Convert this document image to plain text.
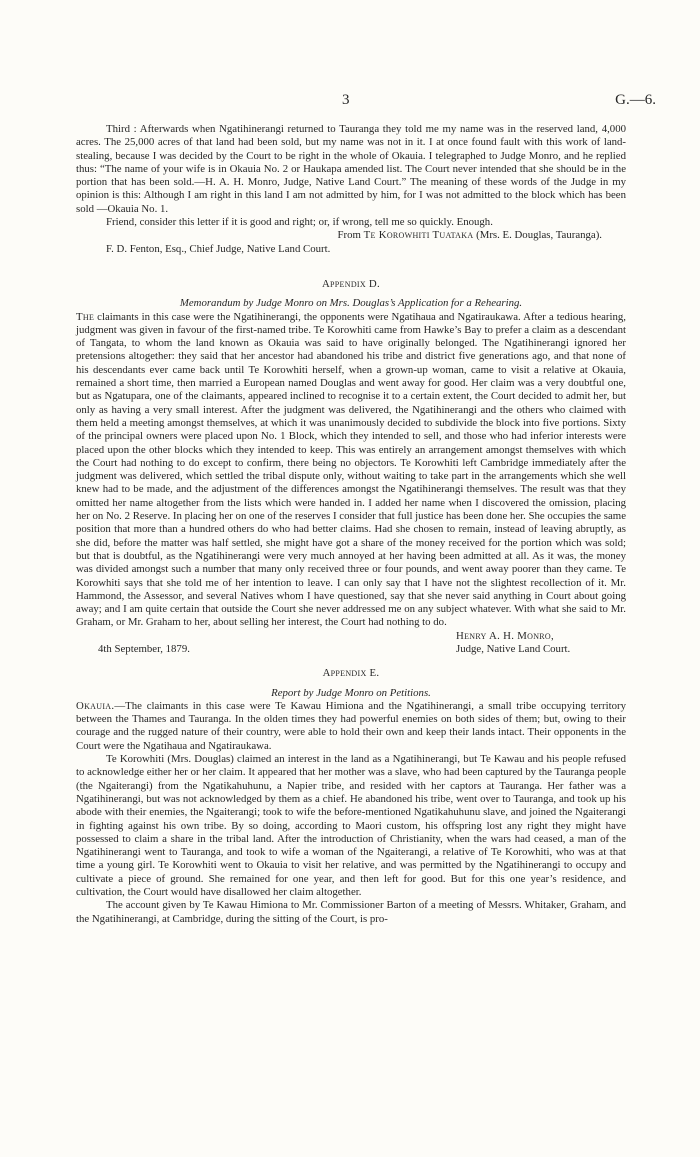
3	G.—6.

Third : Afterwards when Ngatihinerangi returned to Tauranga they told me my name was in the reserved land, 4,000 acres. The 25,000 acres of that land had been sold, but my name was not in it. I at once found fault with this work of land-stealing, because I was decided by the Court to be right in the whole of Okauia. I telegraphed to Judge Monro, and he replied thus: “The name of your wife is in Okauia No. 2 or Haukapa amended list. The Court never intended that she should be in the portion that has been sold.—H. A. H. Monro, Judge, Native Land Court.” The meaning of these words of the Judge in my opinion is this: Although I am right in this land I am not admitted by him, for I was not admitted to the block which has been sold —Okauia No. 1.

Friend, consider this letter if it is good and right; or, if wrong, tell me so quickly. Enough.

From Te Korowhiti Tuataka (Mrs. E. Douglas, Tauranga).

F. D. Fenton, Esq., Chief Judge, Native Land Court.

Appendix D.

Memorandum by Judge Monro on Mrs. Douglas’s Application for a Rehearing.

The claimants in this case were the Ngatihinerangi, the opponents were Ngatihaua and Ngatiraukawa. After a tedious hearing, judgment was given in favour of the first-named tribe. Te Korowhiti came from Hawke’s Bay to prefer a claim as a descendant of Tangata, to whom the land known as Okauia was said to have originally belonged. The Ngatihinerangi ignored her pretensions altogether: they said that her ancestor had abandoned his tribe and district five generations ago, and that none of his descendants ever came back until Te Korowhiti herself, when a grown-up woman, came to visit a relative at Okauia, remained a short time, then married a European named Douglas and went away for good. Her claim was a very doubtful one, but as Ngatupara, one of the claimants, appeared inclined to recognise it to a certain extent, the Court decided to admit her, but only as having a very small interest. After the judgment was delivered, the Ngatihinerangi and the others who claimed with them held a meeting amongst themselves, at which it was unanimously decided to subdivide the block into five portions. Sixty of the principal owners were placed upon No. 1 Block, which they intended to sell, and those who had inferior interests were placed upon the other blocks which they intended to keep. This was entirely an arrangement amongst themselves with which the Court had nothing to do except to confirm, there being no objectors. Te Korowhiti left Cambridge immediately after the judgment was delivered, which settled the tribal dispute only, without waiting to take part in the arrangements which she well knew had to be made, and the adjustment of the differences amongst the Ngatihinerangi themselves. The result was that they omitted her name altogether from the lists which were handed in. I added her name when I discovered the omission, placing her on No. 2 Reserve. In placing her on one of the reserves I consider that full justice has been done her. She occupies the same position that more than a hundred others do who had better claims. Had she chosen to remain, instead of leaving abruptly, as she did, before the matter was half settled, she might have got a share of the money received for the portion which was sold; but that is doubtful, as the Ngatihinerangi were very much annoyed at her having been admitted at all. As it was, the money was divided amongst such a number that many only received three or four pounds, and went away poorer than they came. Te Korowhiti says that she told me of her intention to leave. I can only say that I have not the slightest recollection of it. Mr. Hammond, the Assessor, and several Natives whom I have questioned, say that she never said anything in Court about going away; and I am quite certain that outside the Court she never addressed me on any subject whatever. With what she said to Mr. Graham, or Mr. Graham to her, about selling her interest, the Court had nothing to do.

Henry A. H. Monro,
4th September, 1879.	Judge, Native Land Court.

Appendix E.

Report by Judge Monro on Petitions.

Okauia.—The claimants in this case were Te Kawau Himiona and the Ngatihinerangi, a small tribe occupying territory between the Thames and Tauranga. In the olden times they had powerful enemies on both sides of them; but, owing to their courage and the rugged nature of their country, were able to hold their own and keep their lands intact. Their opponents in the Court were the Ngatihaua and Ngatiraukawa.

Te Korowhiti (Mrs. Douglas) claimed an interest in the land as a Ngatihinerangi, but Te Kawau and his people refused to acknowledge either her or her claim. It appeared that her mother was a slave, who had been captured by the Tauranga people (the Ngaiterangi) from the Ngatikahuhunu, a Napier tribe, and resided with her captors at Tauranga. Her father was a Ngatihinerangi, but was not acknowledged by them as a chief. He abandoned his tribe, went over to Tauranga, and took up his abode with their enemies, the Ngaiterangi; took to wife the before-mentioned Ngatikahuhunu slave, and joined the Ngaiterangi in fighting against his own tribe. By so doing, according to Maori custom, his offspring lost any right they might have possessed to claim a share in the tribal land. After the introduction of Christianity, when the wars had ceased, a man of the Ngatihinerangi went to Tauranga, and took to wife a woman of the Ngaiterangi, a relative of Te Korowhiti, who was at that time a young girl. Te Korowhiti went to Okauia to visit her relative, and was permitted by the Ngatihinerangi to occupy and cultivate a piece of ground. She remained for one year, and then left for good. But for this one year’s residence, and cultivation, the Court would have disallowed her claim altogether.

The account given by Te Kawau Himiona to Mr. Commissioner Barton of a meeting of Messrs. Whitaker, Graham, and the Ngatihinerangi, at Cambridge, during the sitting of the Court, is pro-
